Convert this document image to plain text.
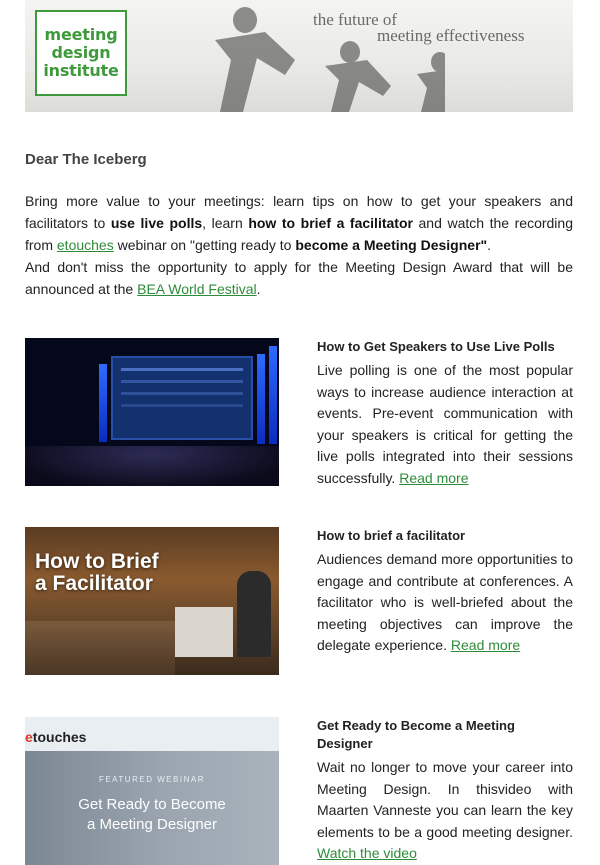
meeting
design
institute
the future of
meeting effectiveness
Dear The Iceberg
Bring more value to your meetings: learn tips on how to get your speakers and facilitators to use live polls, learn how to brief a facilitator and watch the recording from etouches webinar on "getting ready to become a Meeting Designer".
And don't miss the opportunity to apply for the Meeting Design Award that will be announced at the BEA World Festival.
How to Get Speakers to Use Live Polls
Live polling is one of the most popular ways to increase audience interaction at events. Pre-event communication with your speakers is critical for getting the live polls integrated into their sessions successfully. Read more
How to Brief
a Facilitator
How to brief a facilitator
Audiences demand more opportunities to engage and contribute at conferences. A facilitator who is well-briefed about the meeting objectives can improve the delegate experience. Read more
etouches
FEATURED WEBINAR
Get Ready to Become
a Meeting Designer
Get Ready to Become a Meeting Designer
Wait no longer to move your career into Meeting Design. In thisvideo with Maarten Vanneste you can learn the key elements to be a good meeting designer. Watch the video
